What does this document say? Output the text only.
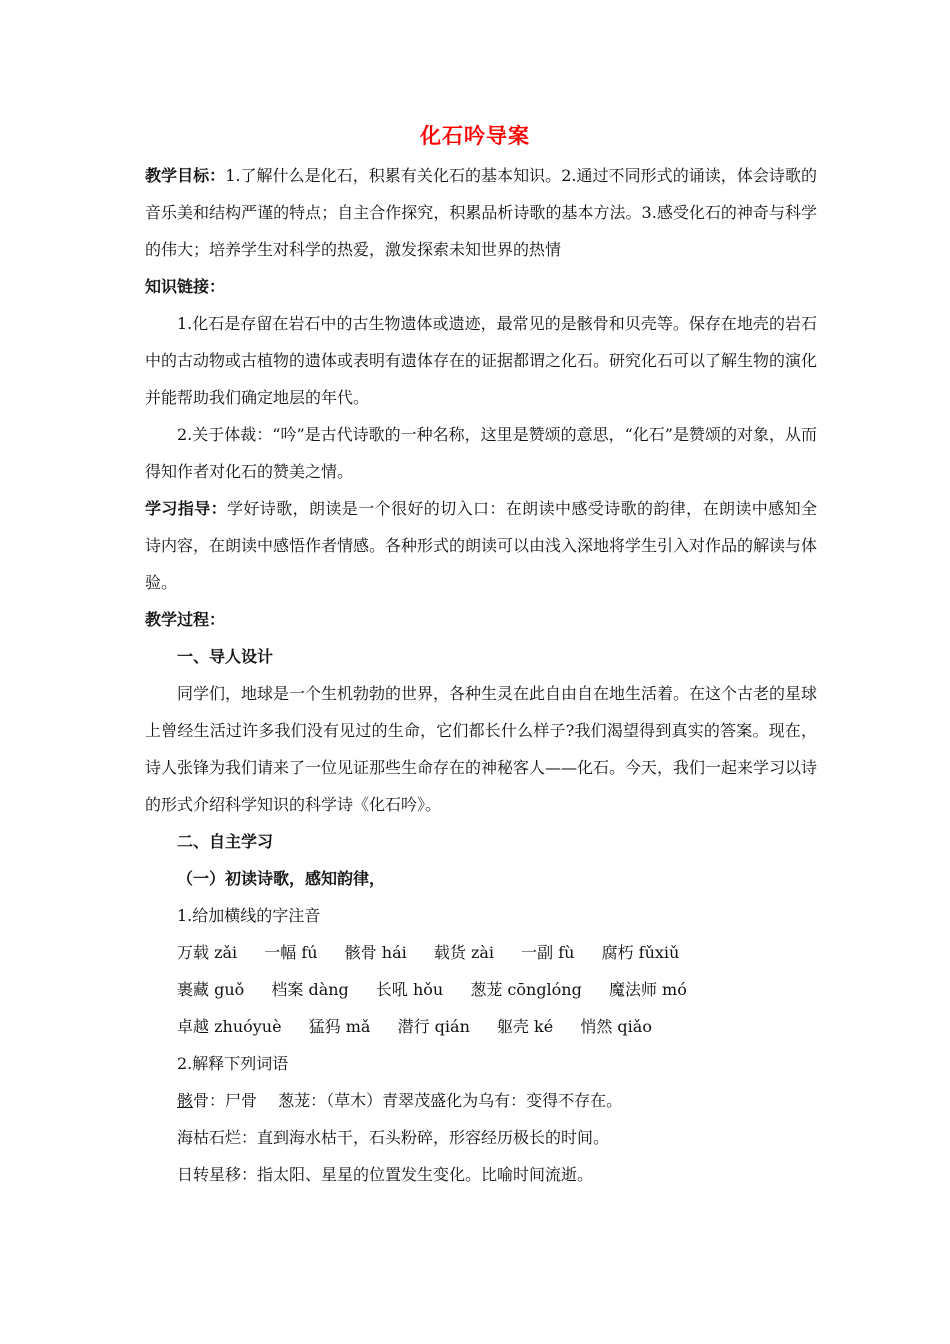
化石吟导案

教学目标：1.了解什么是化石，积累有关化石的基本知识。2.通过不同形式的诵读，体会诗歌的音乐美和结构严谨的特点；自主合作探究，积累品析诗歌的基本方法。3.感受化石的神奇与科学的伟大；培养学生对科学的热爱，激发探索未知世界的热情

知识链接：

1.化石是存留在岩石中的古生物遗体或遗迹，最常见的是骸骨和贝壳等。保存在地壳的岩石中的古动物或古植物的遗体或表明有遗体存在的证据都谓之化石。研究化石可以了解生物的演化并能帮助我们确定地层的年代。

2.关于体裁：“吟”是古代诗歌的一种名称，这里是赞颂的意思，“化石”是赞颂的对象，从而得知作者对化石的赞美之情。

学习指导：学好诗歌，朗读是一个很好的切入口：在朗读中感受诗歌的韵律，在朗读中感知全诗内容，在朗读中感悟作者情感。各种形式的朗读可以由浅入深地将学生引入对作品的解读与体验。

教学过程：

一、导人设计

同学们，地球是一个生机勃勃的世界，各种生灵在此自由自在地生活着。在这个古老的星球上曾经生活过许多我们没有见过的生命，它们都长什么样子?我们渴望得到真实的答案。现在，诗人张锋为我们请来了一位见证那些生命存在的神秘客人——化石。今天，我们一起来学习以诗的形式介绍科学知识的科学诗《化石吟》。

二、自主学习

（一）初读诗歌，感知韵律，

1.给加横线的字注音

万载 zǎi 一幅 fú 骸骨 hái 载货 zài 一副 fù 腐朽 fǔxiǔ

裹藏 guǒ 档案 dàng 长吼 hǒu 葱茏 cōnglóng 魔法师 mó

卓越 zhuóyuè 猛犸 mǎ 潜行 qián 躯壳 ké 悄然 qiǎo

2.解释下列词语

骸骨：尸骨　 葱茏：（草木）青翠茂盛化为乌有：变得不存在。

海枯石烂：直到海水枯干，石头粉碎，形容经历极长的时间。

日转星移：指太阳、星星的位置发生变化。比喻时间流逝。
